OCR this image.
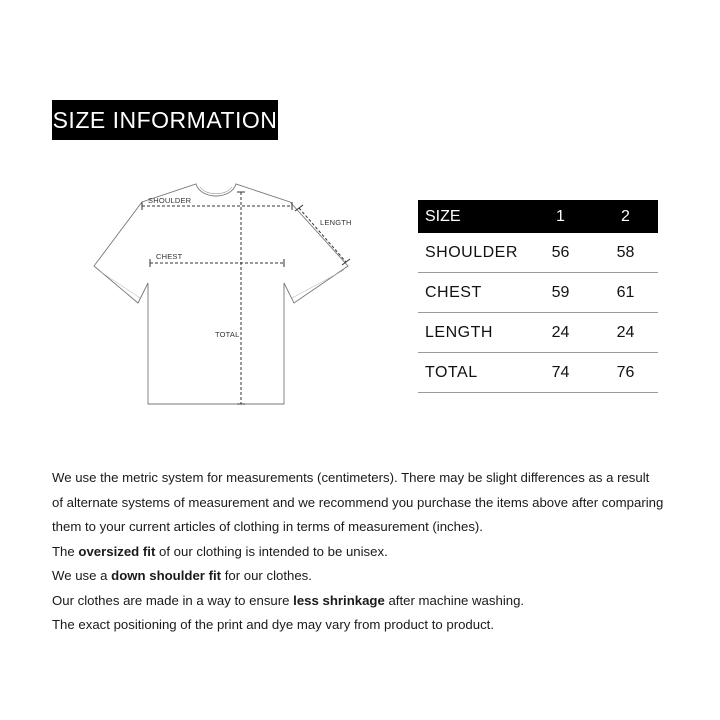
SIZE INFORMATION
SHOULDER
LENGTH
CHEST
TOTAL
SIZE	1	2
SHOULDER	56	58
CHEST	59	61
LENGTH	24	24
TOTAL	74	76

We use the metric system for measurements (centimeters). There may be slight differences as a result

of alternate systems of measurement and we recommend you purchase the items above after comparing

them to your current articles of clothing in terms of measurement (inches).

The oversized fit of our clothing is intended to be unisex.

We use a down shoulder fit for our clothes.

Our clothes are made in a way to ensure less shrinkage after machine washing.

The exact positioning of the print and dye may vary from product to product.
